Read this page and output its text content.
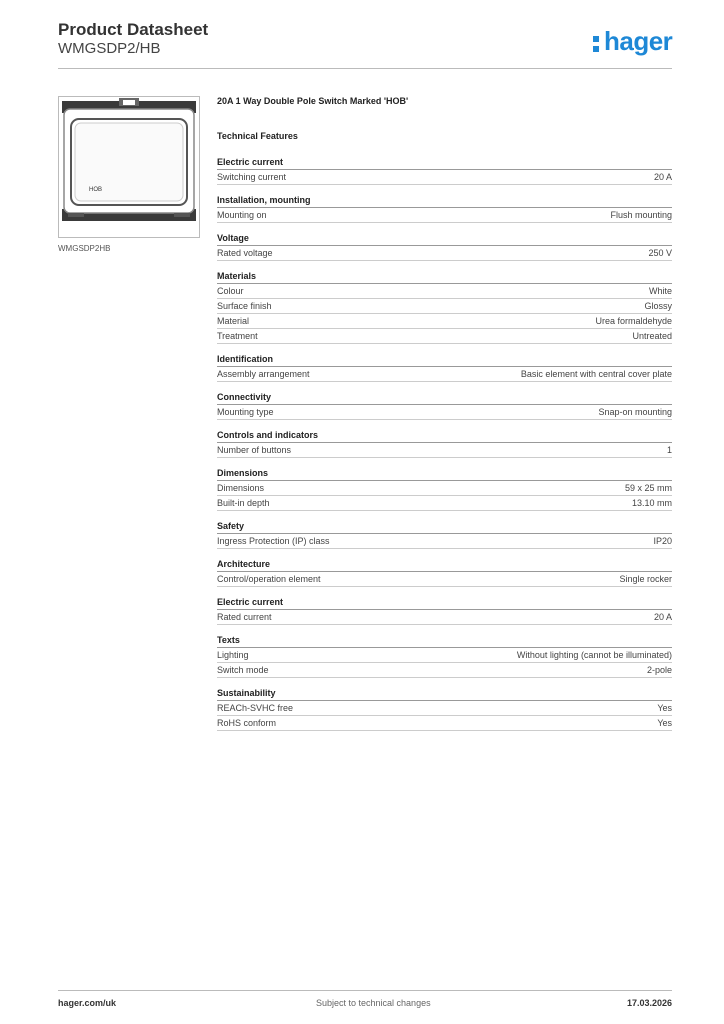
Product Datasheet
WMGSDP2/HB	hager
HOB
WMGSDP2HB
20A 1 Way Double Pole Switch Marked 'HOB'
Technical Features
Electric current
Switching current	20 A
Installation, mounting
Mounting on	Flush mounting
Voltage
Rated voltage	250 V
Materials
Colour	White
Surface finish	Glossy
Material	Urea formaldehyde
Treatment	Untreated
Identification
Assembly arrangement	Basic element with central cover plate
Connectivity
Mounting type	Snap-on mounting
Controls and indicators
Number of buttons	1
Dimensions
Dimensions	59 x 25 mm
Built-in depth	13.10 mm
Safety
Ingress Protection (IP) class	IP20
Architecture
Control/operation element	Single rocker
Electric current
Rated current	20 A
Texts
Lighting	Without lighting (cannot be illuminated)
Switch mode	2-pole
Sustainability
REACh-SVHC free	Yes
RoHS conform	Yes
hager.com/uk	Subject to technical changes	17.03.2026
